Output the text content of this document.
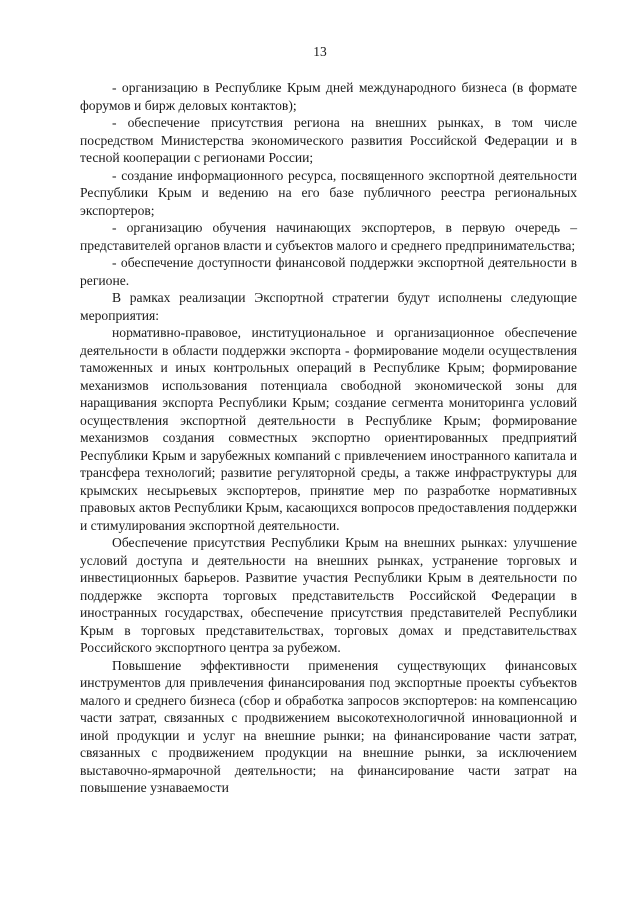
13

- организацию в Республике Крым дней международного бизнеса (в формате форумов и бирж деловых контактов);

- обеспечение присутствия региона на внешних рынках, в том числе посредством Министерства экономического развития Российской Федерации и в тесной кооперации с регионами России;

- создание информационного ресурса, посвященного экспортной деятельности Республики Крым и ведению на его базе публичного реестра региональных экспортеров;

- организацию обучения начинающих экспортеров, в первую очередь – представителей органов власти и субъектов малого и среднего предпринимательства;

- обеспечение доступности финансовой поддержки экспортной деятельности в регионе.

В рамках реализации Экспортной стратегии будут исполнены следующие мероприятия:

нормативно-правовое, институциональное и организационное обеспечение деятельности в области поддержки экспорта - формирование модели осуществления таможенных и иных контрольных операций в Республике Крым; формирование механизмов использования потенциала свободной экономической зоны для наращивания экспорта Республики Крым; создание сегмента мониторинга условий осуществления экспортной деятельности в Республике Крым; формирование механизмов создания совместных экспортно ориентированных предприятий Республики Крым и зарубежных компаний с привлечением иностранного капитала и трансфера технологий; развитие регуляторной среды, а также инфраструктуры для крымских несырьевых экспортеров, принятие мер по разработке нормативных правовых актов Республики Крым, касающихся вопросов предоставления поддержки и стимулирования экспортной деятельности.

Обеспечение присутствия Республики Крым на внешних рынках: улучшение условий доступа и деятельности на внешних рынках, устранение торговых и инвестиционных барьеров. Развитие участия Республики Крым в деятельности по поддержке экспорта торговых представительств Российской Федерации в иностранных государствах, обеспечение присутствия представителей Республики Крым в торговых представительствах, торговых домах и представительствах Российского экспортного центра за рубежом.

Повышение эффективности применения существующих финансовых инструментов для привлечения финансирования под экспортные проекты субъектов малого и среднего бизнеса (сбор и обработка запросов экспортеров: на компенсацию части затрат, связанных с продвижением высокотехнологичной инновационной и иной продукции и услуг на внешние рынки; на финансирование части затрат, связанных с продвижением продукции на внешние рынки, за исключением выставочно-ярмарочной деятельности; на финансирование части затрат на повышение узнаваемости
